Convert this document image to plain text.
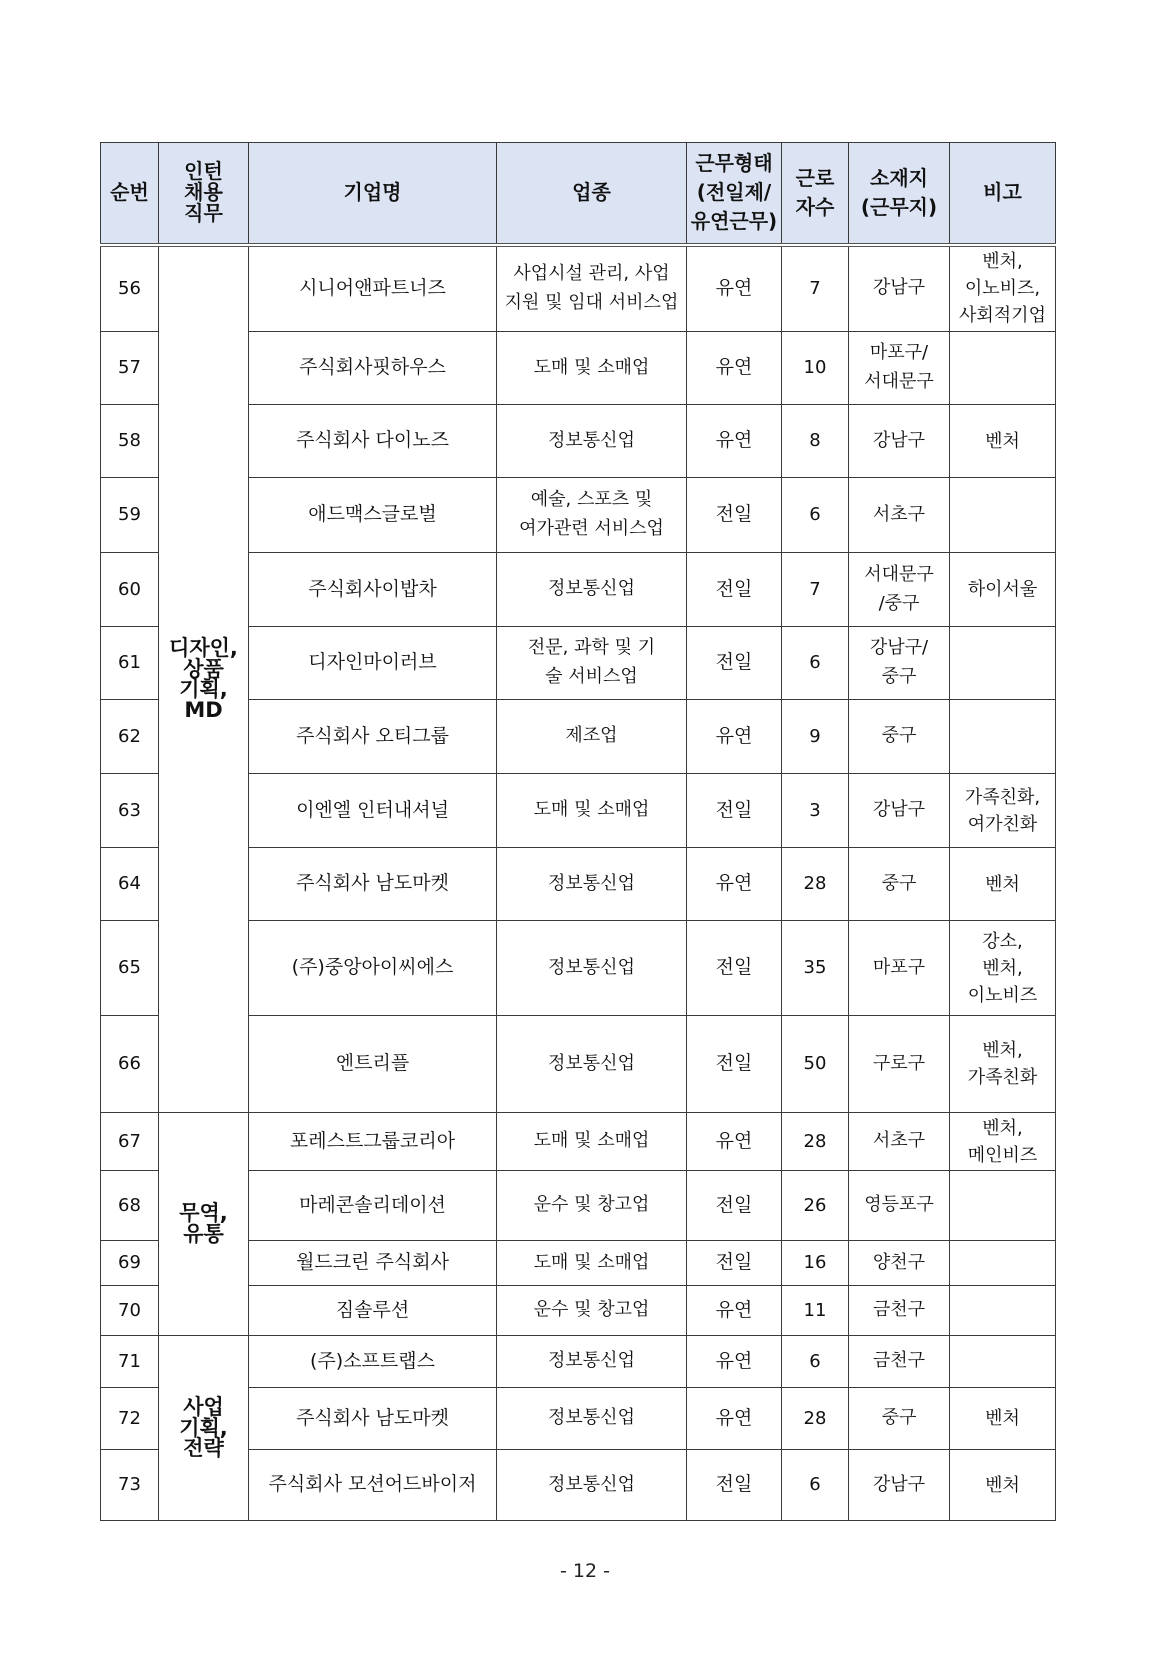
순번	인턴
채용
직무	기업명	업종	근무형태
(전일제/
유연근무)	근로
자수	소재지
(근무지)	비고
56	디자인,
상품
기획,
MD	시니어앤파트너즈	사업시설 관리, 사업
지원 및 임대 서비스업	유연	7	강남구	벤처,
이노비즈,
사회적기업
57		주식회사핏하우스	도매 및 소매업	유연	10	마포구/
서대문구	
58		주식회사 다이노즈	정보통신업	유연	8	강남구	벤처
59		애드맥스글로벌	예술, 스포츠 및
여가관련 서비스업	전일	6	서초구	
60		주식회사이밥차	정보통신업	전일	7	서대문구
/중구	하이서울
61		디자인마이러브	전문, 과학 및 기
술 서비스업	전일	6	강남구/
중구	
62		주식회사 오티그룹	제조업	유연	9	중구	
63		이엔엘 인터내셔널	도매 및 소매업	전일	3	강남구	가족친화,
여가친화
64		주식회사 남도마켓	정보통신업	유연	28	중구	벤처
65		(주)중앙아이씨에스	정보통신업	전일	35	마포구	강소,
벤처,
이노비즈
66		엔트리플	정보통신업	전일	50	구로구	벤처,
가족친화
67	무역,
유통	포레스트그룹코리아	도매 및 소매업	유연	28	서초구	벤처,
메인비즈
68		마레콘솔리데이션	운수 및 창고업	전일	26	영등포구	
69		월드크린 주식회사	도매 및 소매업	전일	16	양천구	
70		짐솔루션	운수 및 창고업	유연	11	금천구	
71	사업
기획,
전략	(주)소프트랩스	정보통신업	유연	6	금천구	
72		주식회사 남도마켓	정보통신업	유연	28	중구	벤처
73		주식회사 모션어드바이저	정보통신업	전일	6	강남구	벤처
- 12 -
